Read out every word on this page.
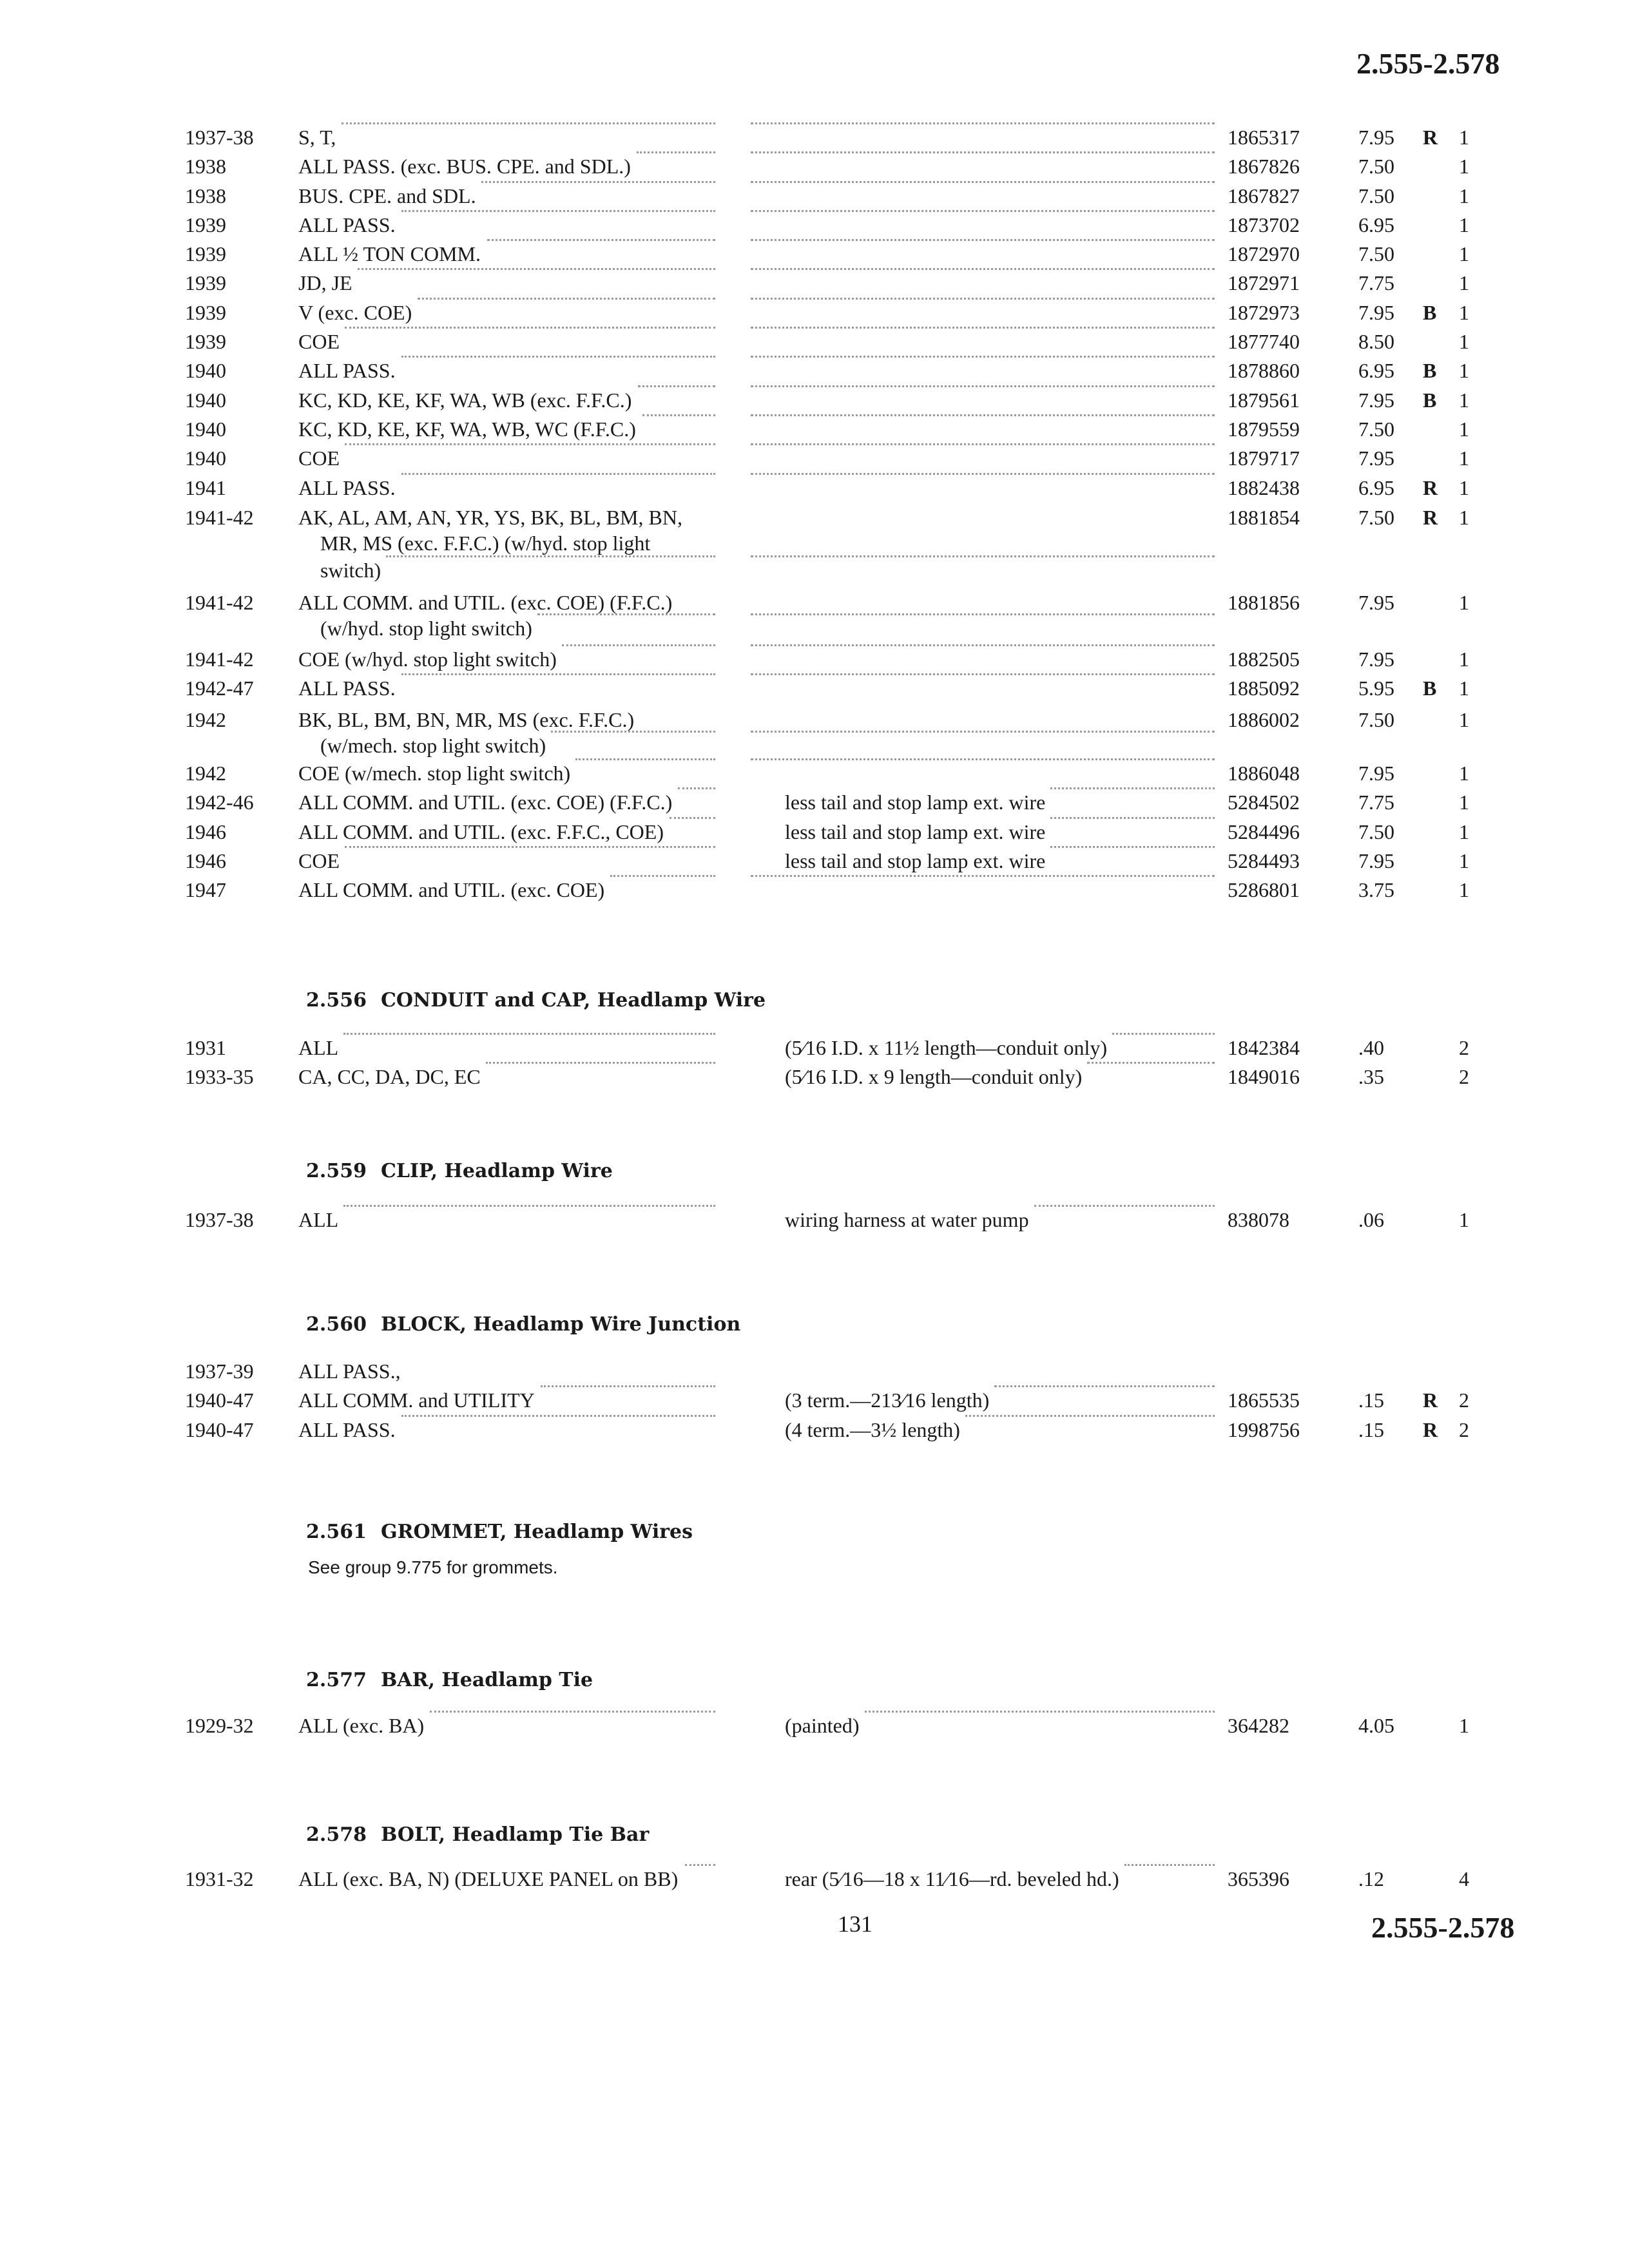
2.555-2.578
2.555-2.578
131
1937-38 S, T,	1865317	7.95 R 1
1938	ALL PASS. (exc. BUS. CPE. and SDL.)	1867826	7.50	1
1938	BUS. CPE. and SDL.	1867827	7.50	1
1939	ALL PASS.	1873702	6.95	1
1939	ALL ½ TON COMM.	1872970	7.50	1
1939	JD, JE	1872971	7.75	1
1939	V (exc. COE)	1872973	7.95 B 1
1939	COE	1877740	8.50	1
1940	ALL PASS.	1878860	6.95 B 1
1940	KC, KD, KE, KF, WA, WB (exc. F.F.C.)	1879561	7.95 B 1
1940	KC, KD, KE, KF, WA, WB, WC (F.F.C.)	1879559	7.50	1
1940	COE	1879717	7.95	1
1941	ALL PASS.	1882438	6.95 R 1
1941-42 AK, AL, AM, AN, YR, YS, BK, BL, BM, BN,	1881854	7.50 R 1
MR, MS (exc. F.F.C.) (w/hyd. stop light
switch)
1941-42 ALL COMM. and UTIL. (exc. COE) (F.F.C.)	1881856	7.95	1
(w/hyd. stop light switch)
1941-42 COE (w/hyd. stop light switch)	1882505	7.95	1
1942-47 ALL PASS.	1885092	5.95 B 1
1942	BK, BL, BM, BN, MR, MS (exc. F.F.C.)	1886002	7.50	1
(w/mech. stop light switch)
1942	COE (w/mech. stop light switch)	1886048	7.95	1
1942-46 ALL COMM. and UTIL. (exc. COE) (F.F.C.)	less tail and stop lamp ext. wire	5284502	7.75	1
1946	ALL COMM. and UTIL. (exc. F.F.C., COE)	less tail and stop lamp ext. wire	5284496	7.50	1
1946	COE	less tail and stop lamp ext. wire	5284493	7.95	1
1947	ALL COMM. and UTIL. (exc. COE)	5286801	3.75	1
2.556 CONDUIT and CAP, Headlamp Wire
1931	ALL	(5⁄16 I.D. x 11½ length—conduit only)	1842384	.40	2
1933-35 CA, CC, DA, DC, EC	(5⁄16 I.D. x 9 length—conduit only)	1849016	.35	2
2.559 CLIP, Headlamp Wire
1937-38 ALL	wiring harness at water pump	838078	.06	1
2.560 BLOCK, Headlamp Wire Junction
1937-39 ALL PASS.,
1940-47 ALL COMM. and UTILITY	(3 term.—213⁄16 length)	1865535	.15 R 2
1940-47 ALL PASS.	(4 term.—3½ length)	1998756	.15 R 2
2.561 GROMMET, Headlamp Wires
See group 9.775 for grommets.
2.577 BAR, Headlamp Tie
1929-32 ALL (exc. BA)	(painted)	364282	4.05	1
2.578 BOLT, Headlamp Tie Bar
1931-32 ALL (exc. BA, N) (DELUXE PANEL on BB)	rear (5⁄16—18 x 11⁄16—rd. beveled hd.)	365396	.12	4
